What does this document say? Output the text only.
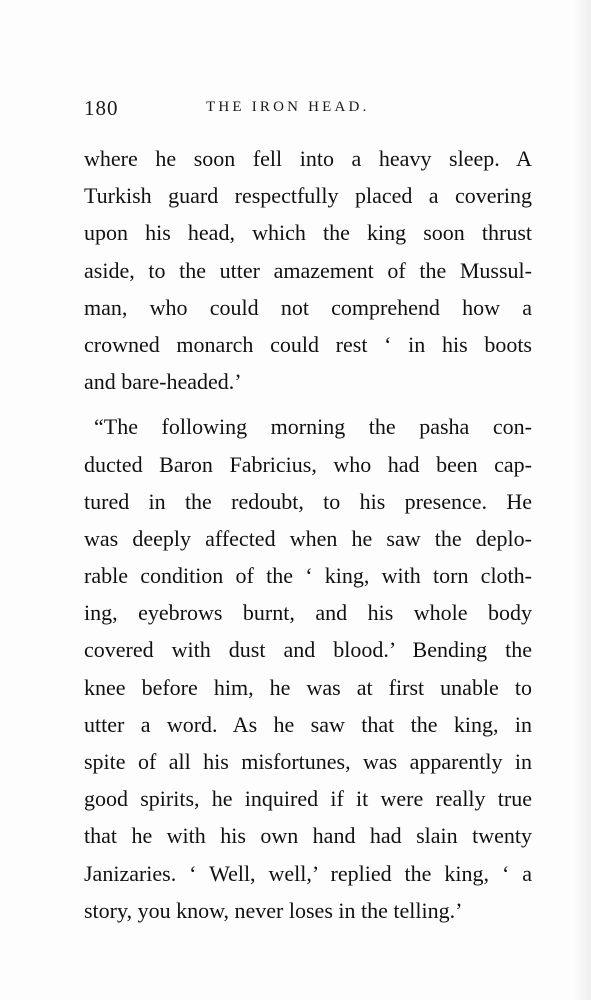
180	THE IRON HEAD.
where he soon fell into a heavy sleep. A
Turkish guard respectfully placed a covering
upon his head, which the king soon thrust
aside, to the utter amazement of the Mussul-
man, who could not comprehend how a
crowned monarch could rest ‘ in his boots
and bare-headed.’
“The following morning the pasha con-
ducted Baron Fabricius, who had been cap-
tured in the redoubt, to his presence. He
was deeply affected when he saw the deplo-
rable condition of the ‘ king, with torn cloth-
ing, eyebrows burnt, and his whole body
covered with dust and blood.’ Bending the
knee before him, he was at first unable to
utter a word. As he saw that the king, in
spite of all his misfortunes, was apparently in
good spirits, he inquired if it were really true
that he with his own hand had slain twenty
Janizaries. ‘ Well, well,’ replied the king, ‘ a
story, you know, never loses in the telling.’
